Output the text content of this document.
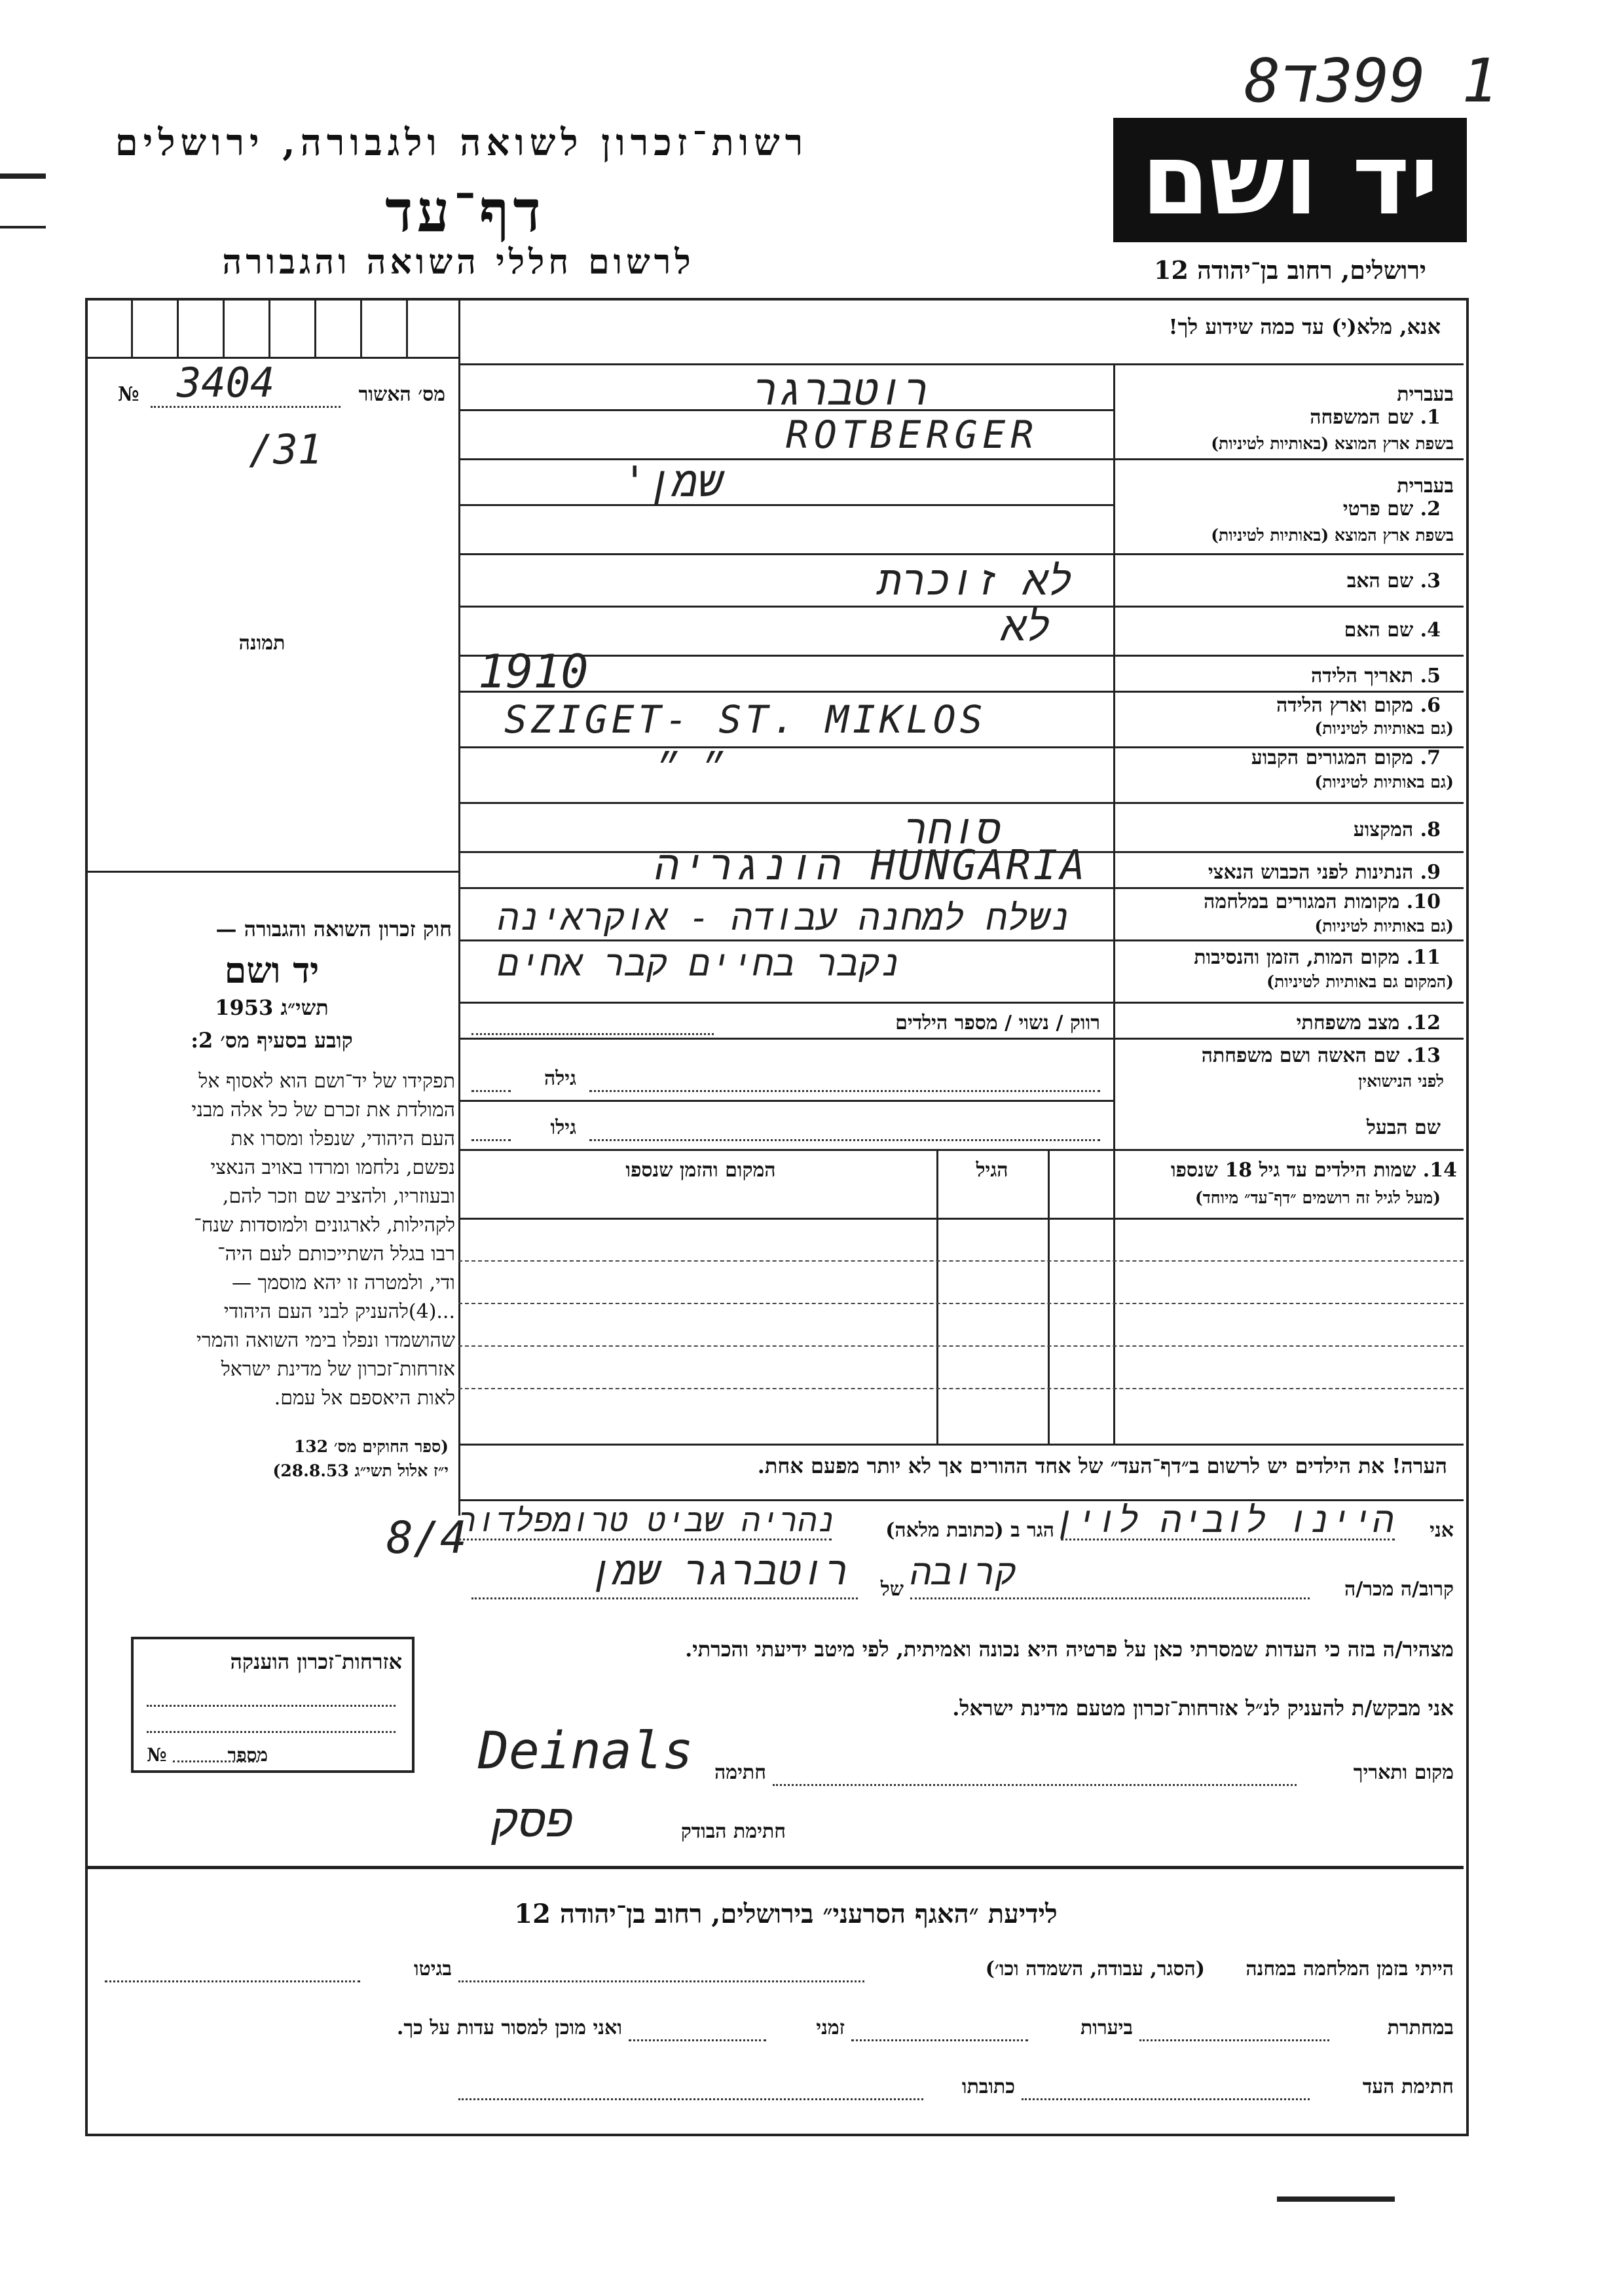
1 399ד8
רשות־זכרון לשואה ולגבורה, ירושלים
דף־עד
לרשום חללי השואה והגבורה
יד ושם
ירושלים, רחוב בן־יהודה 12
אנא, מלא(י) עד כמה שידוע לך!
מס׳ האשור
№ 3404
/31
תמונה
חוק זכרון השואה והגבורה —
יד ושם
תשי״ג 1953
קובע בסעיף מס׳ 2:

תפקידו של יד־ושם הוא לאסוף אל

המולדת את זכרם של כל אלה מבני

העם היהודי, שנפלו ומסרו את

נפשם, נלחמו ומרדו באויב הנאצי

ובעוזריו, ולהציב שם וזכר להם,

לקהילות, לארגונים ולמוסדות שנח־

רבו בגלל השתייכותם לעם היה־

ודי, ולמטרה זו יהא מוסמך —

...(4)להעניק לבני העם היהודי

שהושמדו ונפלו בימי השואה והמרי

אזרחות־זכרון של מדינת ישראל

לאות היאספם אל עמם.

(ספר החוקים מס׳ 132
י״ז אלול תשי״ג 28.8.53)
אזרחות־זכרון הוענקה
מספר
№
בעברית
1. שם המשפחה
בשפת ארץ המוצא (באותיות לטיניות)
רוטברגר
ROTBERGER
בעברית
2. שם פרטי
בשפת ארץ המוצא (באותיות לטיניות)
שמן'
3. שם האב
לא זוכרת
4. שם האם
לא
5. תאריך הלידה
1910
6. מקום וארץ הלידה
(גם באותיות לטיניות)
SZIGET- ST. MIKLOS
7. מקום המגורים הקבוע
(גם באותיות לטיניות)
״ ״
8. המקצוע
סוחר
9. הנתינות לפני הכבוש הנאצי
HUNGARIA הונגריה
10. מקומות המגורים במלחמה
(גם באותיות לטיניות)
נשלח למחנה עבודה - אוקראינה
11. מקום המות, הזמן והנסיבות
(המקום גם באותיות לטיניות)
נקבר בחיים קבר אחים
12. מצב משפחתי
רווק / נשוי / מספר הילדים
13. שם האשה ושם משפחתה
לפני הנישואין
גילה
שם הבעל
גילו
14. שמות הילדים עד גיל 18 שנספו
(מעל לגיל זה רושמים ״דף־עד״ מיוחד)
הגיל
המקום והזמן שנספו
הערה! את הילדים יש לרשום ב״דף־העד״ של אחד ההורים אך לא יותר מפעם אחת.
8/4	אני
היינו לוביה לוין
הגר ב (כתובת מלאה)
נהריה שביט טרומפלדור
קרוב/ה מכר/ה
קרובה
של
רוטברגר שמן
מצהיר/ה בזה כי העדות שמסרתי כאן על פרטיה היא נכונה ואמיתית, לפי מיטב ידיעתי והכרתי.
אני מבקש/ת להעניק לנ״ל אזרחות־זכרון מטעם מדינת ישראל.
מקום ותאריך
חתימה
Deinals
חתימת הבודק
פסק
לידיעת ״האגף הסרעני״ בירושלים, רחוב בן־יהודה 12
הייתי בזמן המלחמה במחנה
(הסגר, עבודה, השמדה וכו׳)
בגיטו
במחתרת
ביערות
זמני
ואני מוכן למסור עדות על כך.
חתימת העד
כתובתו
